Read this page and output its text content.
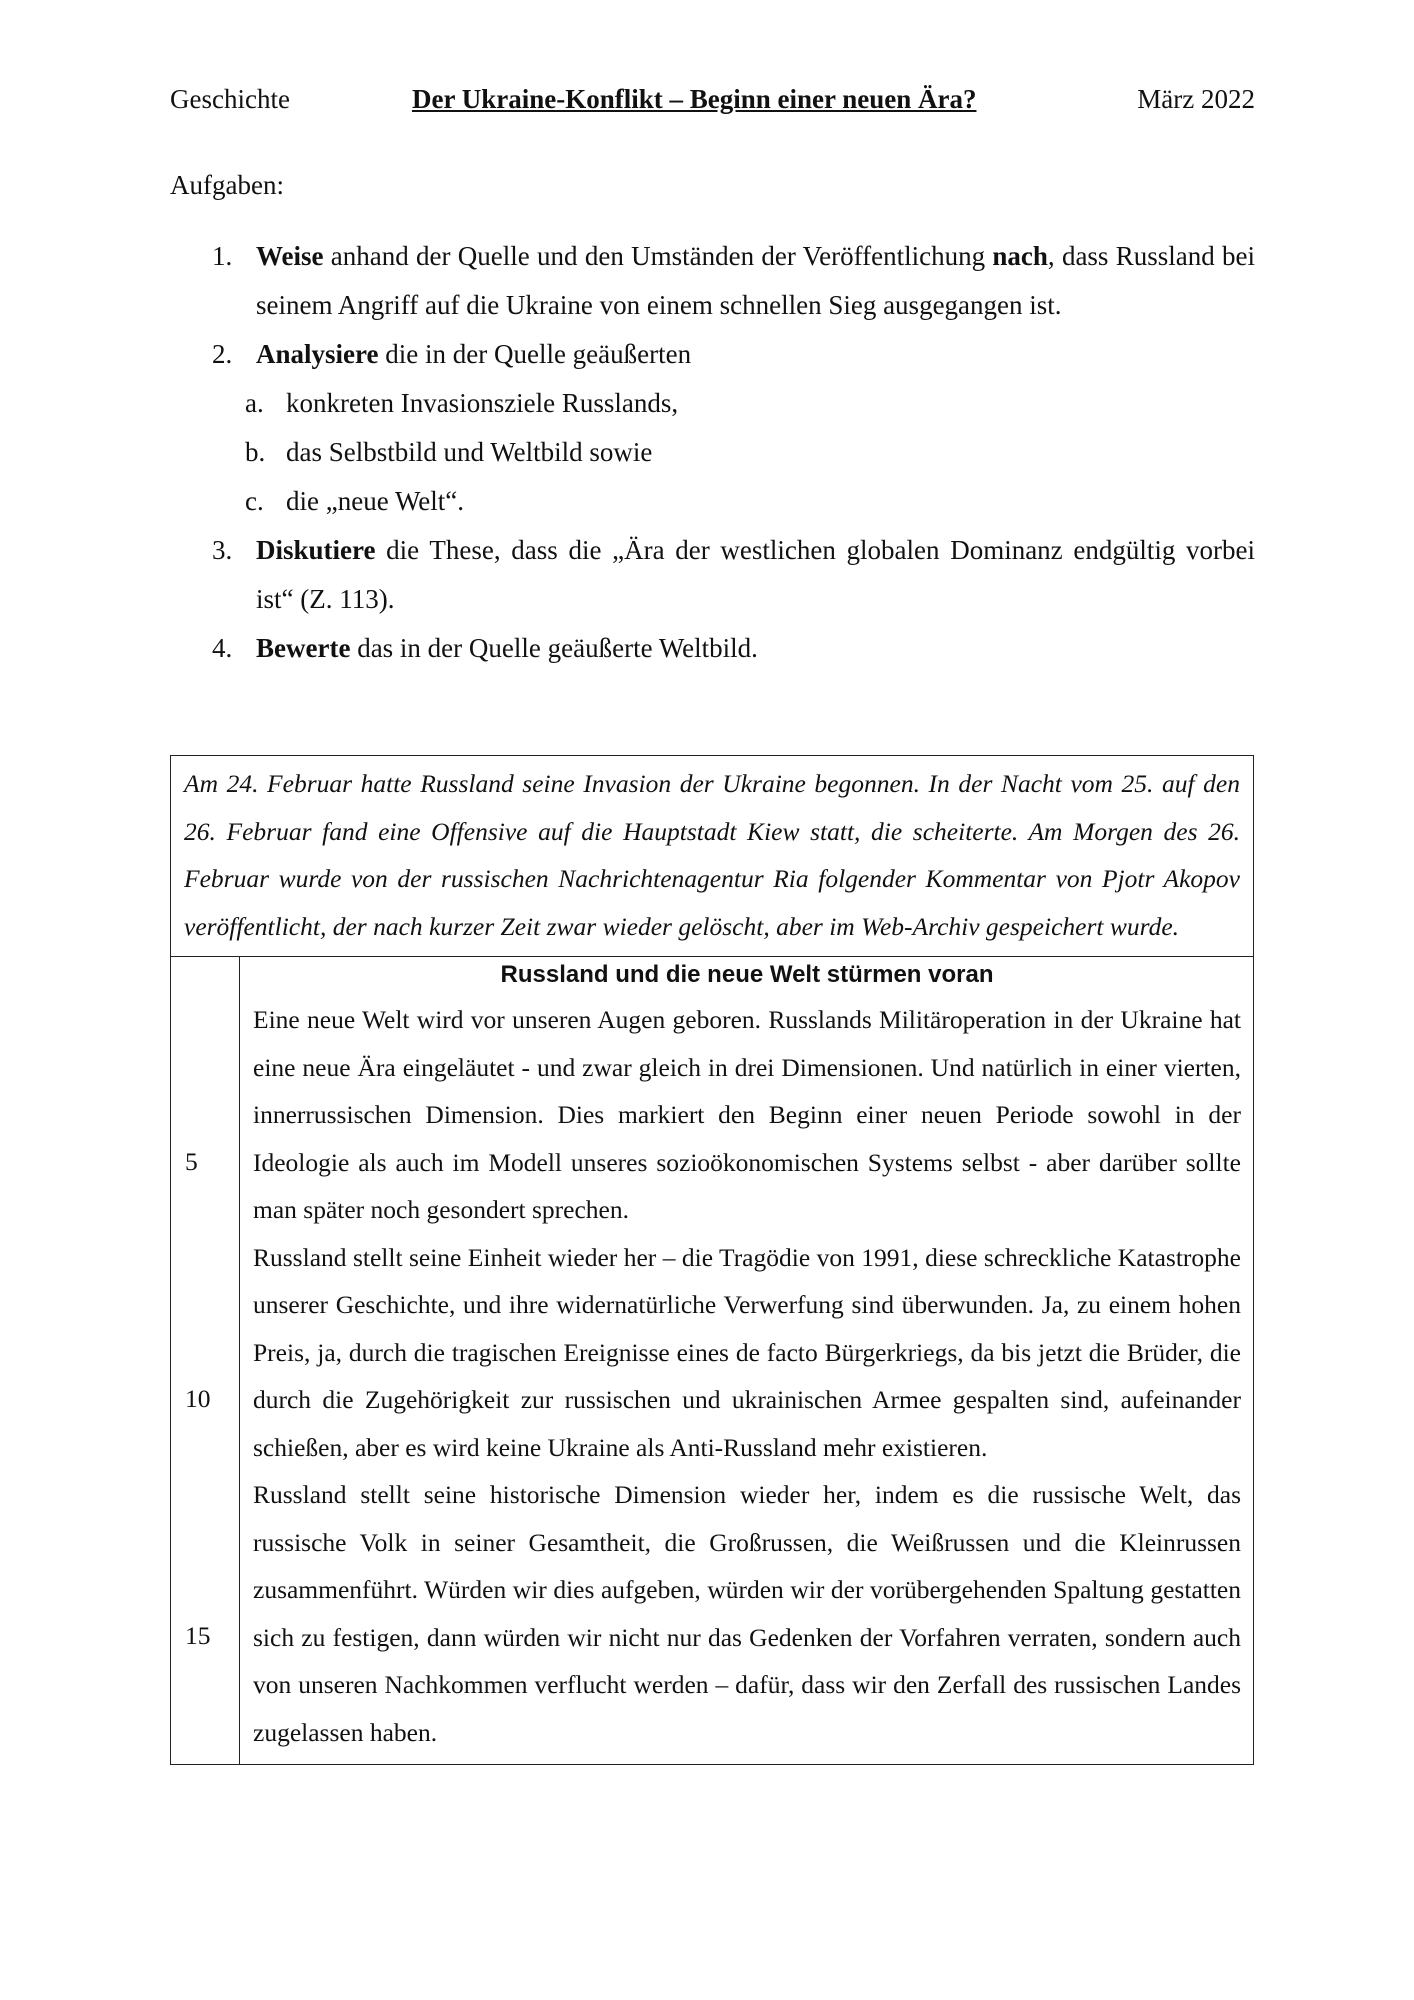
Geschichte	Der Ukraine-Konflikt – Beginn einer neuen Ära?	März 2022
Aufgaben:
1. Weise anhand der Quelle und den Umständen der Veröffentlichung nach, dass Russland bei seinem Angriff auf die Ukraine von einem schnellen Sieg ausgegangen ist.
2. Analysiere die in der Quelle geäußerten
a. konkreten Invasionsziele Russlands,
b. das Selbstbild und Weltbild sowie
c. die „neue Welt“.
3. Diskutiere die These, dass die „Ära der westlichen globalen Dominanz endgültig vorbei ist“ (Z. 113).
4. Bewerte das in der Quelle geäußerte Weltbild.
Am 24. Februar hatte Russland seine Invasion der Ukraine begonnen. In der Nacht vom 25. auf den 26. Februar fand eine Offensive auf die Hauptstadt Kiew statt, die scheiterte. Am Morgen des 26. Februar wurde von der russischen Nachrichtenagentur Ria folgender Kommentar von Pjotr Akopov veröffentlicht, der nach kurzer Zeit zwar wieder gelöscht, aber im Web-Archiv gespeichert wurde.
5
10
15
Russland und die neue Welt stürmen voran

Eine neue Welt wird vor unseren Augen geboren. Russlands Militäroperation in der Ukraine hat eine neue Ära eingeläutet - und zwar gleich in drei Dimensionen. Und natürlich in einer vierten, innerrussischen Dimension. Dies markiert den Beginn einer neuen Periode sowohl in der Ideologie als auch im Modell unseres sozioökonomischen Systems selbst - aber darüber sollte man später noch gesondert sprechen.

Russland stellt seine Einheit wieder her – die Tragödie von 1991, diese schreckliche Katastrophe unserer Geschichte, und ihre widernatürliche Verwerfung sind überwunden. Ja, zu einem hohen Preis, ja, durch die tragischen Ereignisse eines de facto Bürgerkriegs, da bis jetzt die Brüder, die durch die Zugehörigkeit zur russischen und ukrainischen Armee gespalten sind, aufeinander schießen, aber es wird keine Ukraine als Anti-Russland mehr existieren.

Russland stellt seine historische Dimension wieder her, indem es die russische Welt, das russische Volk in seiner Gesamtheit, die Großrussen, die Weißrussen und die Kleinrussen zusammenführt. Würden wir dies aufgeben, würden wir der vorübergehenden Spaltung gestatten sich zu festigen, dann würden wir nicht nur das Gedenken der Vorfahren verraten, sondern auch von unseren Nachkommen verflucht werden – dafür, dass wir den Zerfall des russischen Landes zugelassen haben.
